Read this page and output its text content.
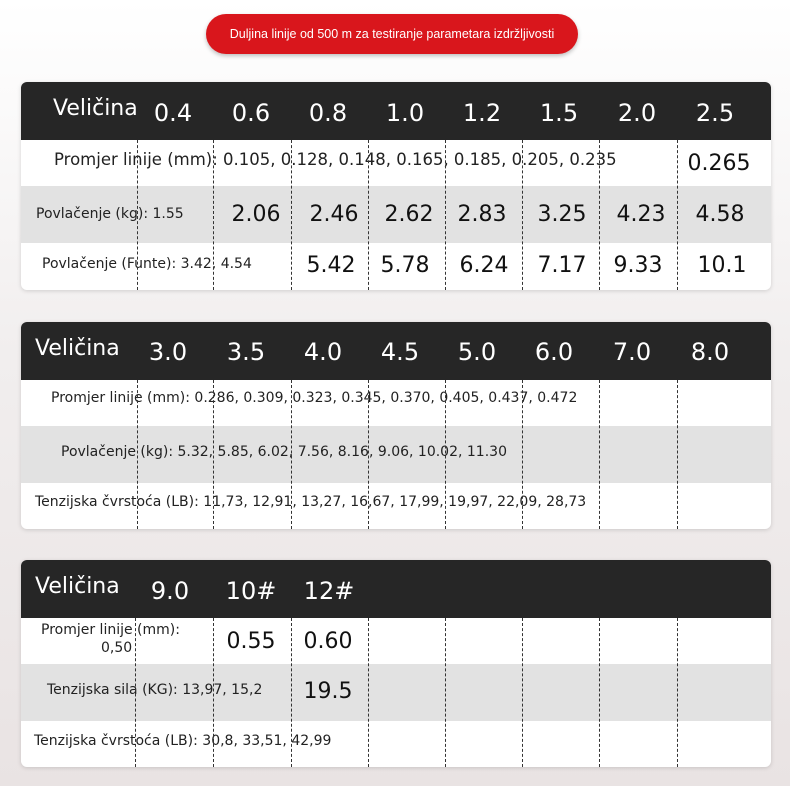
Duljina linije od 500 m za testiranje parametara izdržljivosti
Veličina 0.4 0.6 0.8 1.0 1.2 1.5 2.0 2.5
Promjer linije (mm): 0.105, 0.128, 0.148, 0.165, 0.185, 0.205, 0.235	0.265
Povlačenje (kg): 1.55 2.06 2.46 2.62 2.83 3.25 4.23 4.58
Povlačenje (Funte): 3.42, 4.54 5.42 5.78 6.24 7.17 9.33 10.1
Veličina 3.0 3.5 4.0 4.5 5.0 6.0 7.0 8.0
Promjer linije (mm): 0.286, 0.309, 0.323, 0.345, 0.370, 0.405, 0.437, 0.472
Povlačenje (kg): 5.32, 5.85, 6.02, 7.56, 8.16, 9.06, 10.02, 11.30
Tenzijska čvrstoća (LB): 11,73, 12,91, 13,27, 16,67, 17,99, 19,97, 22,09, 28,73
Veličina 9.0 10# 12#
Promjer linije (mm):
0,50	0.55 0.60
Tenzijska sila (KG): 13,97, 15,2 19.5
Tenzijska čvrstoća (LB): 30,8, 33,51, 42,99
